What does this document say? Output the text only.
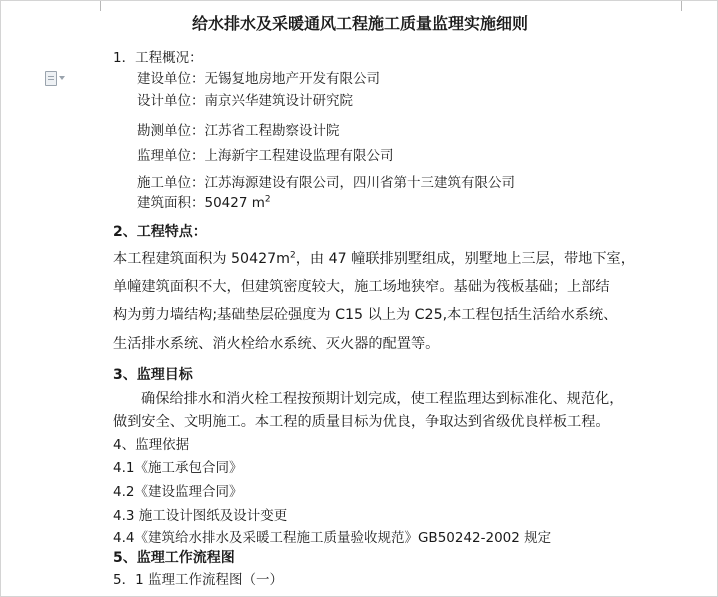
给水排水及采暖通风工程施工质量监理实施细则
1．工程概况：
建设单位：无锡复地房地产开发有限公司
设计单位：南京兴华建筑设计研究院
勘测单位：江苏省工程勘察设计院
监理单位：上海新宇工程建设监理有限公司
施工单位：江苏海源建设有限公司，四川省第十三建筑有限公司
建筑面积：50427 $m^2$
2、工程特点：
本工程建筑面积为 $50427m^2$，由 47 幢联排别墅组成，别墅地上三层，带地下室，
单幢建筑面积不大，但建筑密度较大，施工场地狭窄。基础为筏板基础；上部结
构为剪力墙结构;基础垫层砼强度为 C15 以上为 C25,本工程包括生活给水系统、
生活排水系统、消火栓给水系统、灭火器的配置等。
3、监理目标
确保给排水和消火栓工程按预期计划完成，使工程监理达到标准化、规范化，
做到安全、文明施工。本工程的质量目标为优良，争取达到省级优良样板工程。
4、监理依据
4.1《施工承包合同》
4.2《建设监理合同》
4.3 施工设计图纸及设计变更
4.4《建筑给水排水及采暖工程施工质量验收规范》GB50242-2002 规定
5、监理工作流程图
5．1 监理工作流程图（一）
